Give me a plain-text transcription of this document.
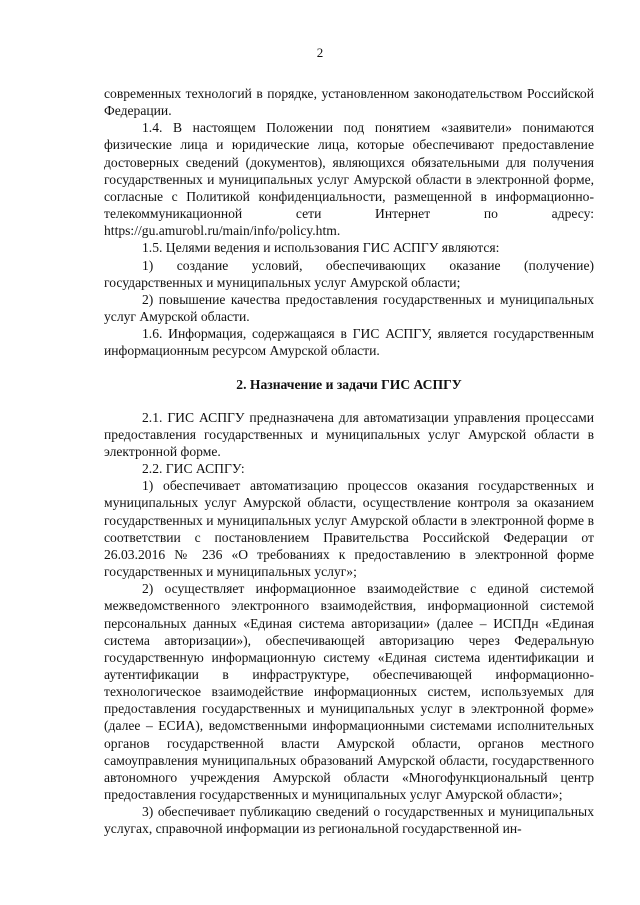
2

современных технологий в порядке, установленном законодательством Российской Федерации.

1.4. В настоящем Положении под понятием «заявители» понимаются физические лица и юридические лица, которые обеспечивают предоставление достоверных сведений (документов), являющихся обязательными для получения государственных и муниципальных услуг Амурской области в электронной форме, согласные с Политикой конфиденциальности, размещенной в информационно-телекоммуникационной сети Интернет по адресу: https://gu.amurobl.ru/main/info/policy.htm.

1.5. Целями ведения и использования ГИС АСПГУ являются:

1) создание условий, обеспечивающих оказание (получение) государственных и муниципальных услуг Амурской области;

2) повышение качества предоставления государственных и муниципальных услуг Амурской области.

1.6. Информация, содержащаяся в ГИС АСПГУ, является государственным информационным ресурсом Амурской области.

2. Назначение и задачи ГИС АСПГУ

2.1. ГИС АСПГУ предназначена для автоматизации управления процессами предоставления государственных и муниципальных услуг Амурской области в электронной форме.

2.2. ГИС АСПГУ:

1) обеспечивает автоматизацию процессов оказания государственных и муниципальных услуг Амурской области, осуществление контроля за оказанием государственных и муниципальных услуг Амурской области в электронной форме в соответствии с постановлением Правительства Российской Федерации от 26.03.2016 № 236 «О требованиях к предоставлению в электронной форме государственных и муниципальных услуг»;

2) осуществляет информационное взаимодействие с единой системой межведомственного электронного взаимодействия, информационной системой персональных данных «Единая система авторизации» (далее – ИСПДн «Единая система авторизации»), обеспечивающей авторизацию через Федеральную государственную информационную систему «Единая система идентификации и аутентификации в инфраструктуре, обеспечивающей информационно-технологическое взаимодействие информационных систем, используемых для предоставления государственных и муниципальных услуг в электронной форме» (далее – ЕСИА), ведомственными информационными системами исполнительных органов государственной власти Амурской области, органов местного самоуправления муниципальных образований Амурской области, государственного автономного учреждения Амурской области «Многофункциональный центр предоставления государственных и муниципальных услуг Амурской области»;

3) обеспечивает публикацию сведений о государственных и муниципальных услугах, справочной информации из региональной государственной ин-
